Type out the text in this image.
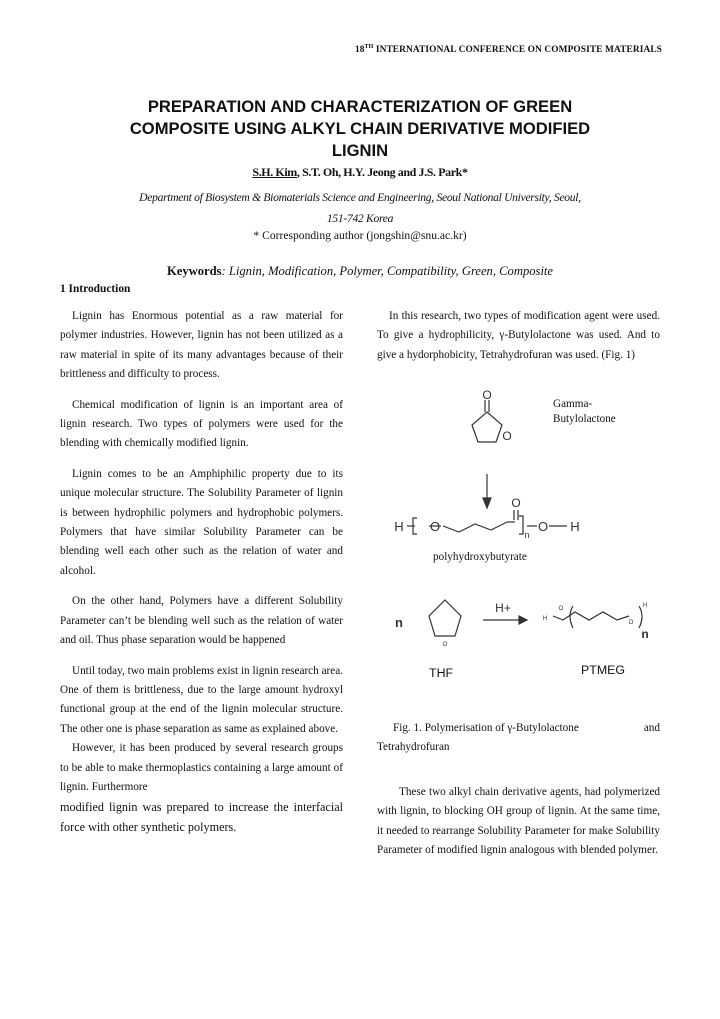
18TH INTERNATIONAL CONFERENCE ON COMPOSITE MATERIALS
PREPARATION AND CHARACTERIZATION OF GREEN
COMPOSITE USING ALKYL CHAIN DERIVATIVE MODIFIED
LIGNIN
S.H. Kim, S.T. Oh, H.Y. Jeong and J.S. Park*
Department of Biosystem & Biomaterials Science and Engineering, Seoul National University, Seoul,
151-742 Korea
* Corresponding author (jongshin@snu.ac.kr)
Keywords: Lignin, Modification, Polymer, Compatibility, Green, Composite
1 Introduction

Lignin has Enormous potential as a raw material for polymer industries. However, lignin has not been utilized as a raw material in spite of its many advantages because of their brittleness and difficulty to process.

Chemical modification of lignin is an important area of lignin research. Two types of polymers were used for the blending with chemically modified lignin.

Lignin comes to be an Amphiphilic property due to its unique molecular structure. The Solubility Parameter of lignin is between hydrophilic polymers and hydrophobic polymers. Polymers that have similar Solubility Parameter can be blending well each other such as the relation of water and alcohol.

On the other hand, Polymers have a different Solubility Parameter can’t be blending well such as the relation of water and oil. Thus phase separation would be happened

Until today, two main problems exist in lignin research area. One of them is brittleness, due to the large amount hydroxyl functional group at the end of the lignin molecular structure. The other one is phase separation as same as explained above.

However, it has been produced by several research groups to be able to make thermoplastics containing a large amount of lignin. Furthermore

modified lignin was prepared to increase the interfacial force with other synthetic polymers.

In this research, two types of modification agent were used. To give a hydrophilicity, γ-Butylolactone was used. And to give a hydorphobicity, Tetrahydrofuran was used. (Fig. 1)

O
O
H O
O
n
O H
n
O
H+
H
O
O
H
n
Gamma-
Butylolactone
polyhydroxybutyrate
THF	PTMEG
Fig. 1. Polymerisation of γ-Butylolactone	and
Tetrahydrofuran

These two alkyl chain derivative agents, had polymerized with lignin, to blocking OH group of lignin. At the same time, it needed to rearrange Solubility Parameter for make Solubility Parameter of modified lignin analogous with blended polymer.
